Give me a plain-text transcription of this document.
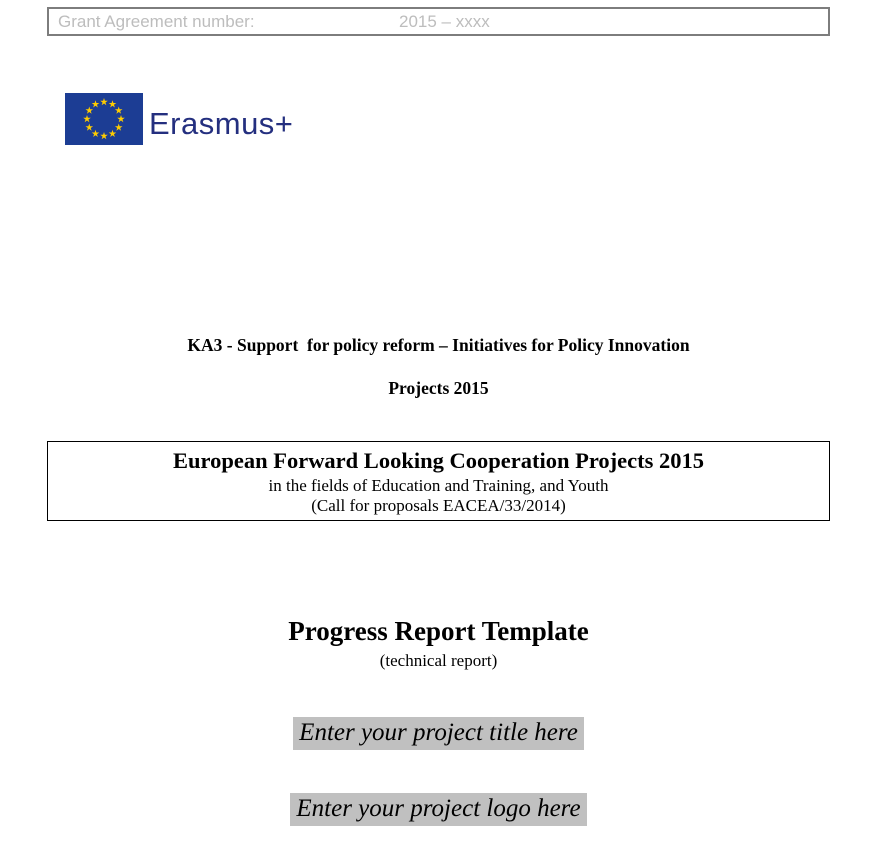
Grant Agreement number:	2015 – xxxx
Erasmus+
KA3 - Support  for policy reform – Initiatives for Policy Innovation
Projects 2015
European Forward Looking Cooperation Projects 2015
in the fields of Education and Training, and Youth
(Call for proposals EACEA/33/2014)
Progress Report Template
(technical report)
Enter your project title here
Enter your project logo here
